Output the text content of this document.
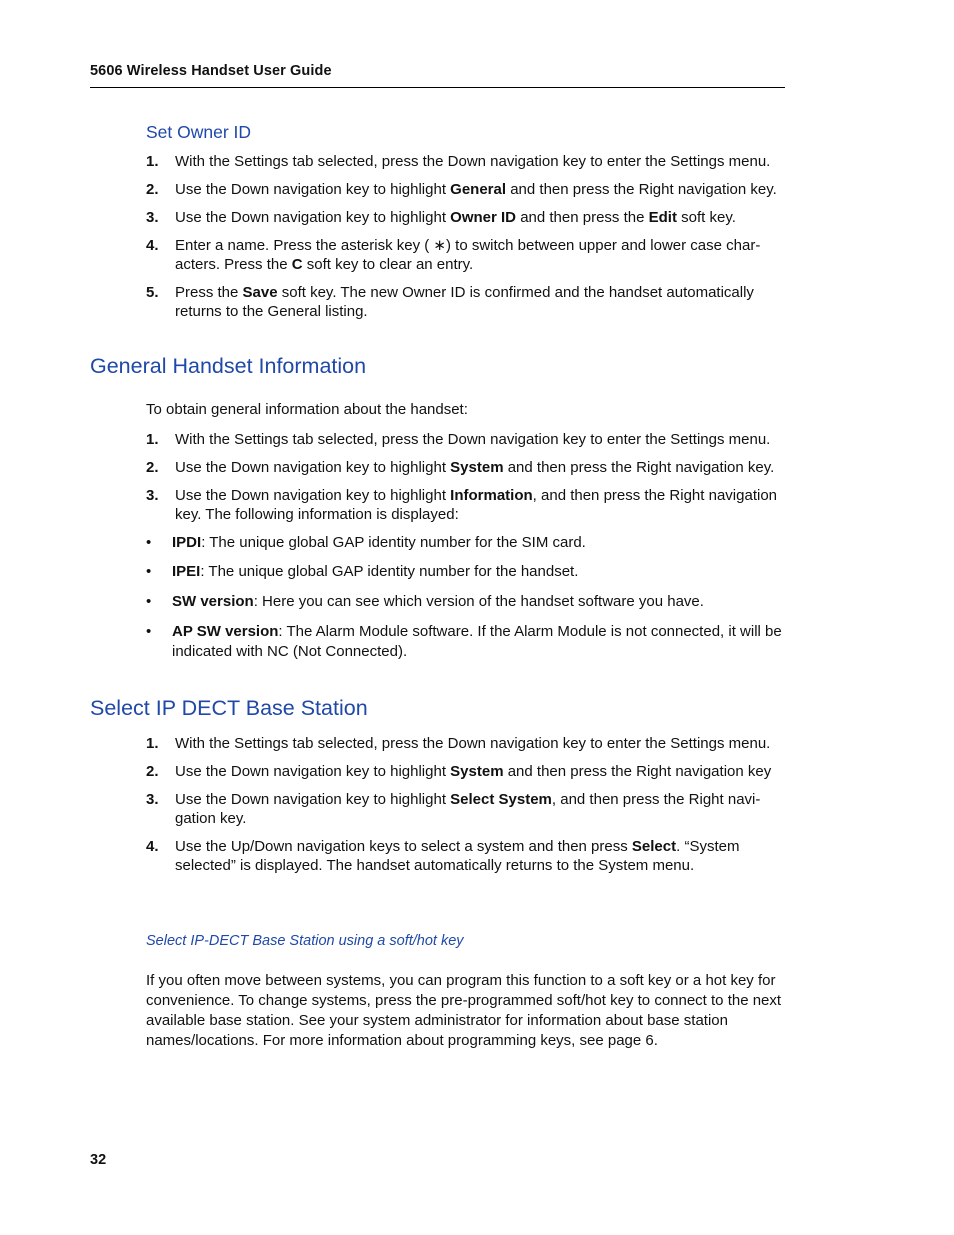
5606 Wireless Handset User Guide
Set Owner ID
1. With the Settings tab selected, press the Down navigation key to enter the Settings menu.
2. Use the Down navigation key to highlight General and then press the Right navigation key.
3. Use the Down navigation key to highlight Owner ID and then press the Edit soft key.
4. Enter a name. Press the asterisk key ( ∗) to switch between upper and lower case char-acters. Press the C soft key to clear an entry.
5. Press the Save soft key. The new Owner ID is confirmed and the handset automatically returns to the General listing.
General Handset Information
To obtain general information about the handset:
1. With the Settings tab selected, press the Down navigation key to enter the Settings menu.
2. Use the Down navigation key to highlight System and then press the Right navigation key.
3. Use the Down navigation key to highlight Information, and then press the Right navigation key. The following information is displayed:
• IPDI: The unique global GAP identity number for the SIM card.
• IPEI: The unique global GAP identity number for the handset.
• SW version: Here you can see which version of the handset software you have.
• AP SW version: The Alarm Module software. If the Alarm Module is not connected, it will be indicated with NC (Not Connected).
Select IP DECT Base Station
1. With the Settings tab selected, press the Down navigation key to enter the Settings menu.
2. Use the Down navigation key to highlight System and then press the Right navigation key
3. Use the Down navigation key to highlight Select System, and then press the Right navi-gation key.
4. Use the Up/Down navigation keys to select a system and then press Select. “System selected” is displayed. The handset automatically returns to the System menu.
Select IP-DECT Base Station using a soft/hot key
If you often move between systems, you can program this function to a soft key or a hot key for convenience. To change systems, press the pre-programmed soft/hot key to connect to the next available base station. See your system administrator for information about base station names/locations. For more information about programming keys, see page 6.
32
